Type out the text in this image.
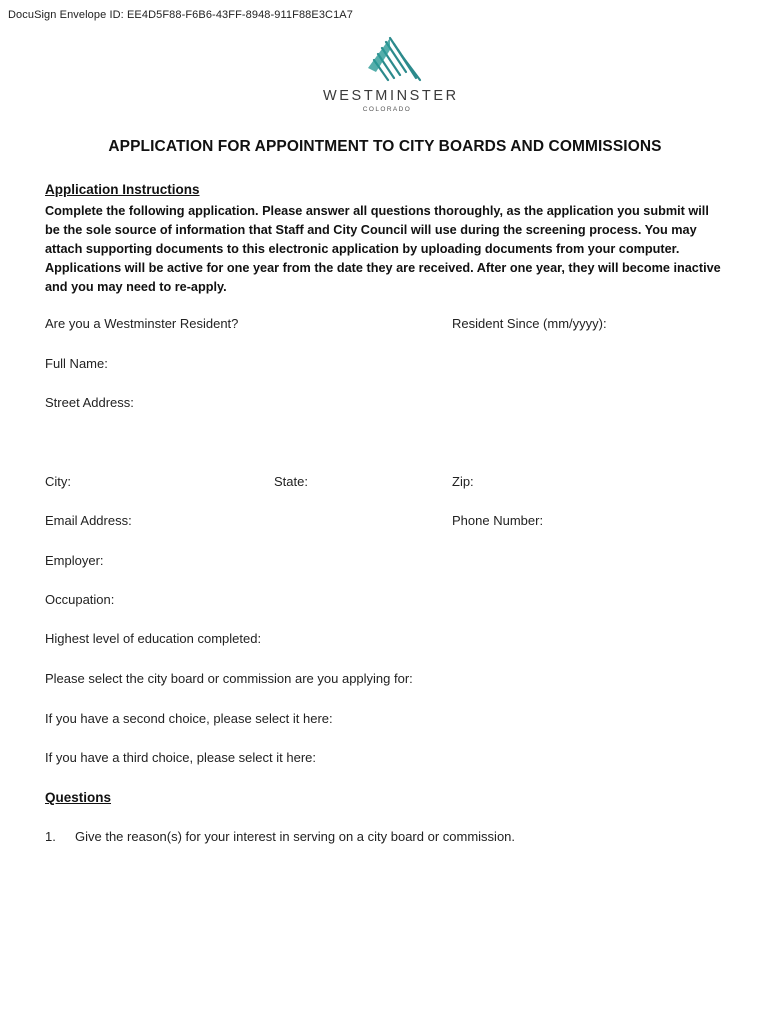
DocuSign Envelope ID: EE4D5F88-F6B6-43FF-8948-911F88E3C1A7
WESTMINSTER
COLORADO
APPLICATION FOR APPOINTMENT TO CITY BOARDS AND COMMISSIONS
Application Instructions
Complete the following application. Please answer all questions thoroughly, as the application you submit will be the sole source of information that Staff and City Council will use during the screening process. You may attach supporting documents to this electronic application by uploading documents from your computer. Applications will be active for one year from the date they are received. After one year, they will become inactive and you may need to re-apply.
Are you a Westminster Resident?	Resident Since (mm/yyyy):
Full Name:
Street Address:
City:	State:	Zip:
Email Address:	Phone Number:
Employer:
Occupation:
Highest level of education completed:
Please select the city board or commission are you applying for:
If you have a second choice, please select it here:
If you have a third choice, please select it here:
Questions
1. Give the reason(s) for your interest in serving on a city board or commission.
